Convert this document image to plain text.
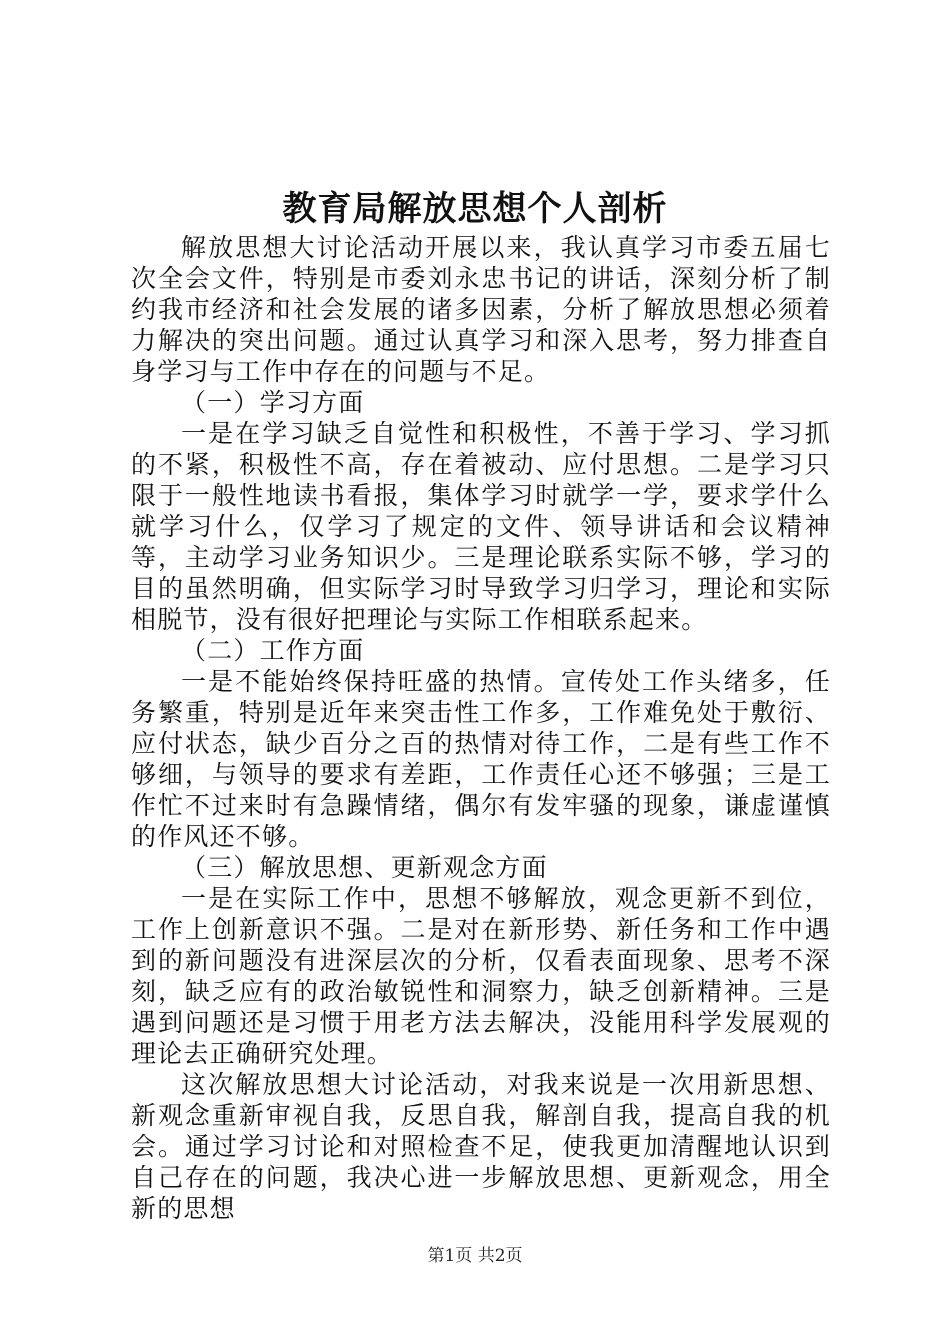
教育局解放思想个人剖析

解放思想大讨论活动开展以来，我认真学习市委五届七次全会文件，特别是市委刘永忠书记的讲话，深刻分析了制约我市经济和社会发展的诸多因素，分析了解放思想必须着力解决的突出问题。通过认真学习和深入思考，努力排查自身学习与工作中存在的问题与不足。

（一）学习方面

一是在学习缺乏自觉性和积极性，不善于学习、学习抓的不紧，积极性不高，存在着被动、应付思想。二是学习只限于一般性地读书看报，集体学习时就学一学，要求学什么就学习什么，仅学习了规定的文件、领导讲话和会议精神等，主动学习业务知识少。三是理论联系实际不够，学习的目的虽然明确，但实际学习时导致学习归学习，理论和实际相脱节，没有很好把理论与实际工作相联系起来。

（二）工作方面

一是不能始终保持旺盛的热情。宣传处工作头绪多，任务繁重，特别是近年来突击性工作多，工作难免处于敷衍、应付状态，缺少百分之百的热情对待工作，二是有些工作不够细，与领导的要求有差距，工作责任心还不够强；三是工作忙不过来时有急躁情绪，偶尔有发牢骚的现象，谦虚谨慎的作风还不够。

（三）解放思想、更新观念方面

一是在实际工作中，思想不够解放，观念更新不到位，工作上创新意识不强。二是对在新形势、新任务和工作中遇到的新问题没有进深层次的分析，仅看表面现象、思考不深刻，缺乏应有的政治敏锐性和洞察力，缺乏创新精神。三是遇到问题还是习惯于用老方法去解决，没能用科学发展观的理论去正确研究处理。

这次解放思想大讨论活动，对我来说是一次用新思想、新观念重新审视自我，反思自我，解剖自我，提高自我的机会。通过学习讨论和对照检查不足，使我更加清醒地认识到自己存在的问题，我决心进一步解放思想、更新观念，用全新的思想

第1页 共2页
